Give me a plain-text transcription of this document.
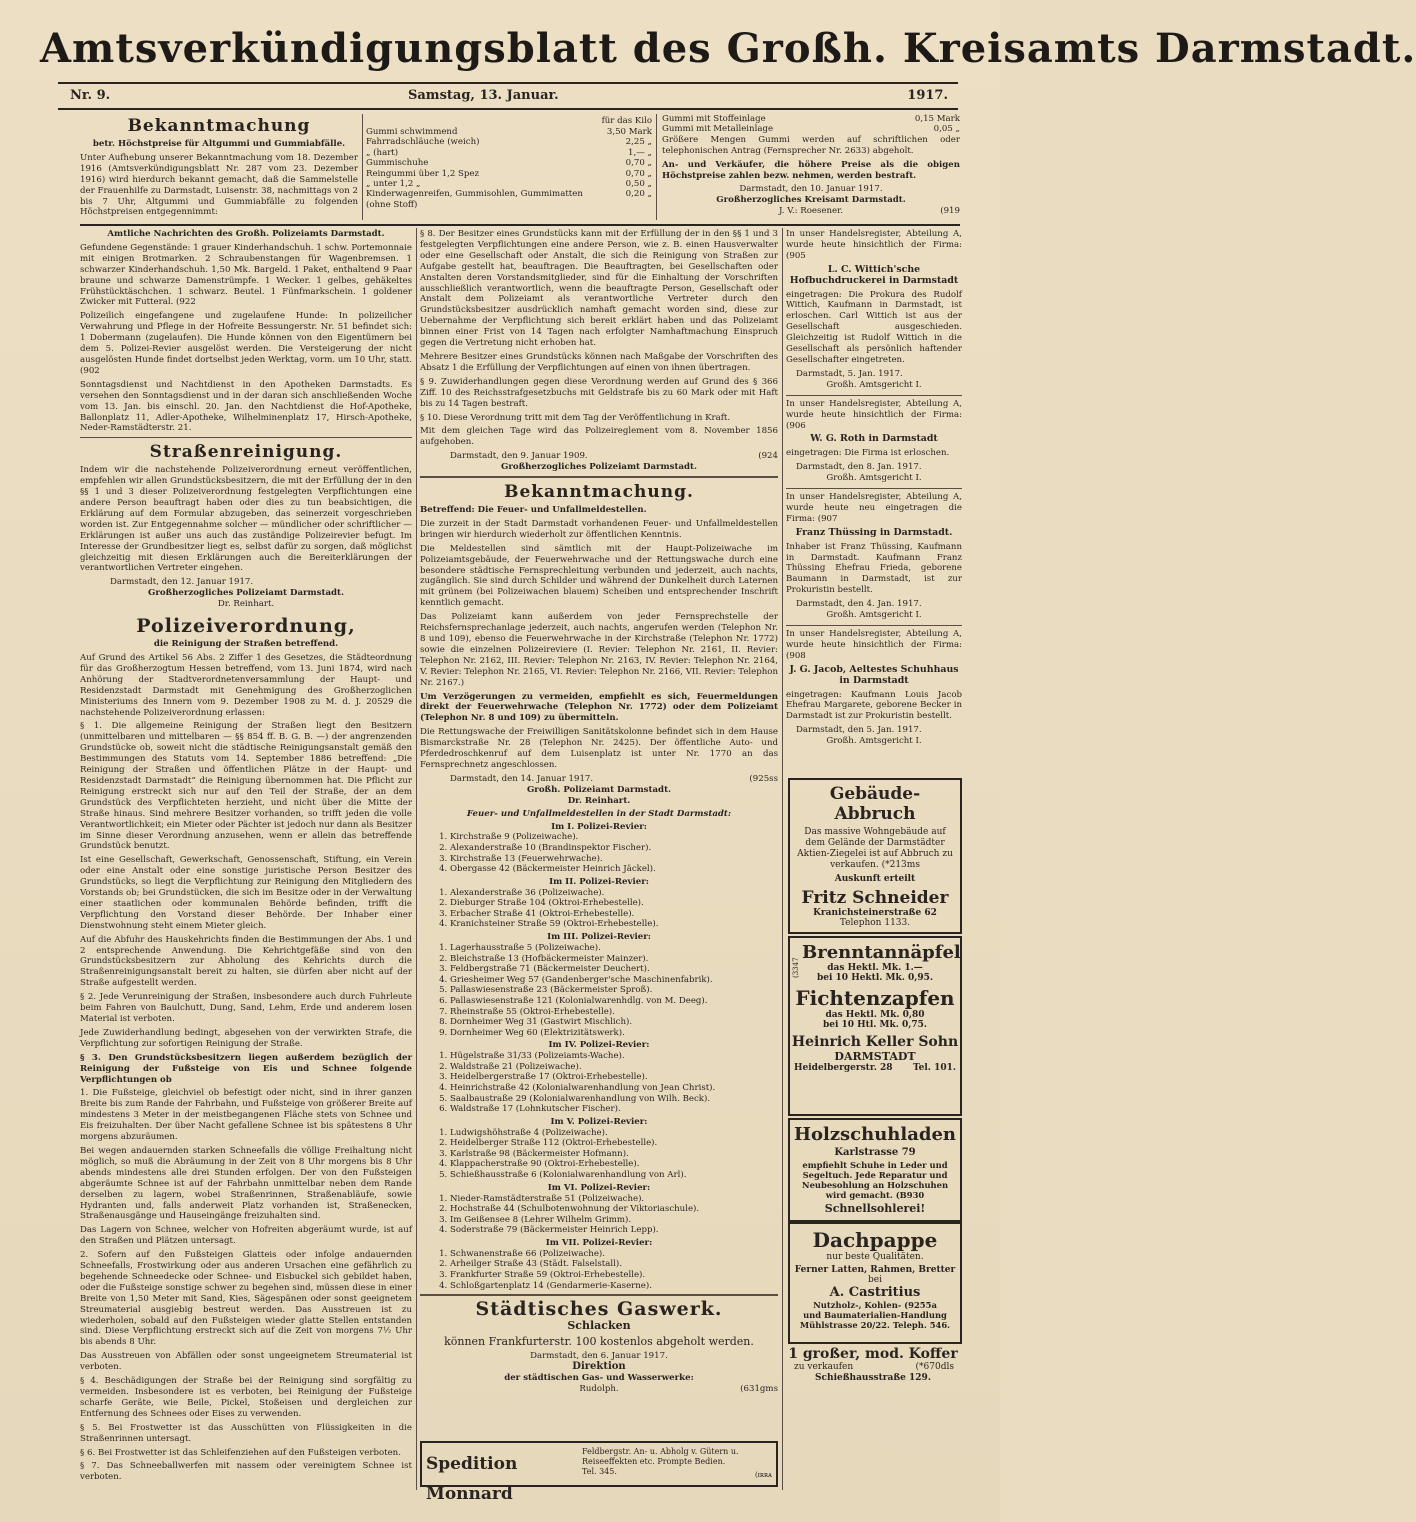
Amtsverkündigungsblatt des Großh. Kreisamts Darmstadt.
Nr. 9.	Samstag, 13. Januar.	1917.
Bekanntmachung
betr. Höchstpreise für Altgummi und Gummiabfälle.

Unter Aufhebung unserer Bekanntmachung vom 18. Dezember 1916 (Amtsverkündigungsblatt Nr. 287 vom 23. Dezember 1916) wird hierdurch bekannt gemacht, daß die Sammelstelle der Frauenhilfe zu Darmstadt, Luisenstr. 38, nachmittags von 2 bis 7 Uhr, Altgummi und Gummiabfälle zu folgenden Höchstpreisen entgegennimmt:

für das Kilo
Gummi schwimmend	3,50 Mark
Fahrradschläuche (weich)	2,25 „
„ (hart)	1,— „
Gummischuhe	0,70 „
Reingummi über 1,2 Spez	0,70 „
„ unter 1,2 „	0,50 „
Kinderwagenreifen, Gummisohlen, Gummimatten (ohne Stoff)	0,20 „
Gummi mit Stoffeinlage	0,15 Mark
Gummi mit Metalleinlage	0,05 „

Größere Mengen Gummi werden auf schriftlichen oder telephonischen Antrag (Fernsprecher Nr. 2633) abgeholt.

An- und Verkäufer, die höhere Preise als die obigen Höchstpreise zahlen bezw. nehmen, werden bestraft.

Darmstadt, den 10. Januar 1917.
Großherzogliches Kreisamt Darmstadt.
J. V.: Roesener.	(919
Amtliche Nachrichten des Großh. Polizeiamts Darmstadt.

Gefundene Gegenstände: 1 grauer Kinderhandschuh. 1 schw. Portemonnaie mit einigen Brotmarken. 2 Schraubenstangen für Wagenbremsen. 1 schwarzer Kinderhandschuh. 1,50 Mk. Bargeld. 1 Paket, enthaltend 9 Paar braune und schwarze Damenstrümpfe. 1 Wecker. 1 gelbes, gehäkeltes Frühstücktäschchen. 1 schwarz. Beutel. 1 Fünfmarkschein. 1 goldener Zwicker mit Futteral. (922

Polizeilich eingefangene und zugelaufene Hunde: In polizeilicher Verwahrung und Pflege in der Hofreite Bessungerstr. Nr. 51 befindet sich: 1 Dobermann (zugelaufen). Die Hunde können von den Eigentümern bei dem 5. Polizei-Revier ausgelöst werden. Die Versteigerung der nicht ausgelösten Hunde findet dortselbst jeden Werktag, vorm. um 10 Uhr, statt. (902

Sonntagsdienst und Nachtdienst in den Apotheken Darmstadts. Es versehen den Sonntagsdienst und in der daran sich anschließenden Woche vom 13. Jan. bis einschl. 20. Jan. den Nachtdienst die Hof-Apotheke, Ballonplatz 11, Adler-Apotheke, Wilhelminenplatz 17, Hirsch-Apotheke, Neder-Ramstädterstr. 21.

Straßenreinigung.

Indem wir die nachstehende Polizeiverordnung erneut veröffentlichen, empfehlen wir allen Grundstücksbesitzern, die mit der Erfüllung der in den §§ 1 und 3 dieser Polizeiverordnung festgelegten Verpflichtungen eine andere Person beauftragt haben oder dies zu tun beabsichtigen, die Erklärung auf dem Formular abzugeben, das seinerzeit vorgeschrieben worden ist. Zur Entgegennahme solcher — mündlicher oder schriftlicher — Erklärungen ist außer uns auch das zuständige Polizeirevier befugt. Im Interesse der Grundbesitzer liegt es, selbst dafür zu sorgen, daß möglichst gleichzeitig mit diesen Erklärungen auch die Bereiterklärungen der verantwortlichen Vertreter eingehen.

Darmstadt, den 12. Januar 1917.
Großherzogliches Polizeiamt Darmstadt.
Dr. Reinhart.
Polizeiverordnung,
die Reinigung der Straßen betreffend.

Auf Grund des Artikel 56 Abs. 2 Ziffer 1 des Gesetzes, die Städteordnung für das Großherzogtum Hessen betreffend, vom 13. Juni 1874, wird nach Anhörung der Stadtverordnetenversammlung der Haupt- und Residenzstadt Darmstadt mit Genehmigung des Großherzoglichen Ministeriums des Innern vom 9. Dezember 1908 zu M. d. J. 20529 die nachstehende Polizeiverordnung erlassen:

§ 1. Die allgemeine Reinigung der Straßen liegt den Besitzern (unmittelbaren und mittelbaren — §§ 854 ff. B. G. B. —) der angrenzenden Grundstücke ob, soweit nicht die städtische Reinigungsanstalt gemäß den Bestimmungen des Statuts vom 14. September 1886 betreffend: „Die Reinigung der Straßen und öffentlichen Plätze in der Haupt- und Residenzstadt Darmstadt“ die Reinigung übernommen hat. Die Pflicht zur Reinigung erstreckt sich nur auf den Teil der Straße, der an dem Grundstück des Verpflichteten herzieht, und nicht über die Mitte der Straße hinaus. Sind mehrere Besitzer vorhanden, so trifft jeden die volle Verantwortlichkeit; ein Mieter oder Pächter ist jedoch nur dann als Besitzer im Sinne dieser Verordnung anzusehen, wenn er allein das betreffende Grundstück benutzt.

Ist eine Gesellschaft, Gewerkschaft, Genossenschaft, Stiftung, ein Verein oder eine Anstalt oder eine sonstige juristische Person Besitzer des Grundstücks, so liegt die Verpflichtung zur Reinigung den Mitgliedern des Vorstands ob; bei Grundstücken, die sich im Besitze oder in der Verwaltung einer staatlichen oder kommunalen Behörde befinden, trifft die Verpflichtung den Vorstand dieser Behörde. Der Inhaber einer Dienstwohnung steht einem Mieter gleich.

Auf die Abfuhr des Hauskehrichts finden die Bestimmungen der Abs. 1 und 2 entsprechende Anwendung. Die Kehrichtgefäße sind von den Grundstücksbesitzern zur Abholung des Kehrichts durch die Straßenreinigungsanstalt bereit zu halten, sie dürfen aber nicht auf der Straße aufgestellt werden.

§ 2. Jede Verunreinigung der Straßen, insbesondere auch durch Fuhrleute beim Fahren von Baulchutt, Dung, Sand, Lehm, Erde und anderem losen Material ist verboten.

Jede Zuwiderhandlung bedingt, abgesehen von der verwirkten Strafe, die Verpflichtung zur sofortigen Reinigung der Straße.

§ 3. Den Grundstücksbesitzern liegen außerdem bezüglich der Reinigung der Fußsteige von Eis und Schnee folgende Verpflichtungen ob

1. Die Fußsteige, gleichviel ob befestigt oder nicht, sind in ihrer ganzen Breite bis zum Rande der Fahrbahn, und Fußsteige von größerer Breite auf mindestens 3 Meter in der meistbegangenen Fläche stets von Schnee und Eis freizuhalten. Der über Nacht gefallene Schnee ist bis spätestens 8 Uhr morgens abzuräumen.

Bei wegen andauernden starken Schneefalls die völlige Freihaltung nicht möglich, so muß die Abräumung in der Zeit von 8 Uhr morgens bis 8 Uhr abends mindestens alle drei Stunden erfolgen. Der von den Fußsteigen abgeräumte Schnee ist auf der Fahrbahn unmittelbar neben dem Rande derselben zu lagern, wobei Straßenrinnen, Straßenabläufe, sowie Hydranten und, falls anderweit Platz vorhanden ist, Straßenecken, Straßenausgänge und Hauseingänge freizuhalten sind.

Das Lagern von Schnee, welcher von Hofreiten abgeräumt wurde, ist auf den Straßen und Plätzen untersagt.

2. Sofern auf den Fußsteigen Glatteis oder infolge andauernden Schneefalls, Frostwirkung oder aus anderen Ursachen eine gefährlich zu begehende Schneedecke oder Schnee- und Eisbuckel sich gebildet haben, oder die Fußsteige sonstige schwer zu begehen sind, müssen diese in einer Breite von 1,50 Meter mit Sand, Kies, Sägespänen oder sonst geeignetem Streumaterial ausgiebig bestreut werden. Das Ausstreuen ist zu wiederholen, sobald auf den Fußsteigen wieder glatte Stellen entstanden sind. Diese Verpflichtung erstreckt sich auf die Zeit von morgens 7½ Uhr bis abends 8 Uhr.

Das Ausstreuen von Abfällen oder sonst ungeeignetem Streumaterial ist verboten.

§ 4. Beschädigungen der Straße bei der Reinigung sind sorgfältig zu vermeiden. Insbesondere ist es verboten, bei Reinigung der Fußsteige scharfe Geräte, wie Beile, Pickel, Stoßeisen und dergleichen zur Entfernung des Schnees oder Eises zu verwenden.

§ 5. Bei Frostwetter ist das Ausschütten von Flüssigkeiten in die Straßenrinnen untersagt.

§ 6. Bei Frostwetter ist das Schleifenziehen auf den Fußsteigen verboten.

§ 7. Das Schneeballwerfen mit nassem oder vereinigtem Schnee ist verboten.

§ 8. Der Besitzer eines Grundstücks kann mit der Erfüllung der in den §§ 1 und 3 festgelegten Verpflichtungen eine andere Person, wie z. B. einen Hausverwalter oder eine Gesellschaft oder Anstalt, die sich die Reinigung von Straßen zur Aufgabe gestellt hat, beauftragen. Die Beauftragten, bei Gesellschaften oder Anstalten deren Vorstandsmitglieder, sind für die Einhaltung der Vorschriften ausschließlich verantwortlich, wenn die beauftragte Person, Gesellschaft oder Anstalt dem Polizeiamt als verantwortliche Vertreter durch den Grundstücksbesitzer ausdrücklich namhaft gemacht worden sind, diese zur Uebernahme der Verpflichtung sich bereit erklärt haben und das Polizeiamt binnen einer Frist von 14 Tagen nach erfolgter Namhaftmachung Einspruch gegen die Vertretung nicht erhoben hat.

Mehrere Besitzer eines Grundstücks können nach Maßgabe der Vorschriften des Absatz 1 die Erfüllung der Verpflichtungen auf einen von ihnen übertragen.

§ 9. Zuwiderhandlungen gegen diese Verordnung werden auf Grund des § 366 Ziff. 10 des Reichsstrafgesetzbuchs mit Geldstrafe bis zu 60 Mark oder mit Haft bis zu 14 Tagen bestraft.

§ 10. Diese Verordnung tritt mit dem Tag der Veröffentlichung in Kraft.

Mit dem gleichen Tage wird das Polizeireglement vom 8. November 1856 aufgehoben.

Darmstadt, den 9. Januar 1909.	(924
Großherzogliches Polizeiamt Darmstadt.
Bekanntmachung.
Betreffend: Die Feuer- und Unfallmeldestellen.

Die zurzeit in der Stadt Darmstadt vorhandenen Feuer- und Unfallmeldestellen bringen wir hierdurch wiederholt zur öffentlichen Kenntnis.

Die Meldestellen sind sämtlich mit der Haupt-Polizeiwache im Polizeiamtsgebäude, der Feuerwehrwache und der Rettungswache durch eine besondere städtische Fernsprechleitung verbunden und jederzeit, auch nachts, zugänglich. Sie sind durch Schilder und während der Dunkelheit durch Laternen mit grünem (bei Polizeiwachen blauem) Scheiben und entsprechender Inschrift kenntlich gemacht.

Das Polizeiamt kann außerdem von jeder Fernsprechstelle der Reichsfernsprechanlage jederzeit, auch nachts, angerufen werden (Telephon Nr. 8 und 109), ebenso die Feuerwehrwache in der Kirchstraße (Telephon Nr. 1772) sowie die einzelnen Polizeireviere (I. Revier: Telephon Nr. 2161, II. Revier: Telephon Nr. 2162, III. Revier: Telephon Nr. 2163, IV. Revier: Telephon Nr. 2164, V. Revier: Telephon Nr. 2165, VI. Revier: Telephon Nr. 2166, VII. Revier: Telephon Nr. 2167.)

Um Verzögerungen zu vermeiden, empfiehlt es sich, Feuermeldungen direkt der Feuerwehrwache (Telephon Nr. 1772) oder dem Polizeiamt (Telephon Nr. 8 und 109) zu übermitteln.

Die Rettungswache der Freiwilligen Sanitätskolonne befindet sich in dem Hause Bismarckstraße Nr. 28 (Telephon Nr. 2425). Der öffentliche Auto- und Pferdedroschkenruf auf dem Luisenplatz ist unter Nr. 1770 an das Fernsprechnetz angeschlossen.

Darmstadt, den 14. Januar 1917.	(925ss
Großh. Polizeiamt Darmstadt.
Dr. Reinhart.
Feuer- und Unfallmeldestellen in der Stadt Darmstadt:
Im I. Polizei-Revier:
1. Kirchstraße 9 (Polizeiwache).
2. Alexanderstraße 10 (Brandinspektor Fischer).
3. Kirchstraße 13 (Feuerwehrwache).
4. Obergasse 42 (Bäckermeister Heinrich Jäckel).
Im II. Polizei-Revier:
1. Alexanderstraße 36 (Polizeiwache).
2. Dieburger Straße 104 (Oktroi-Erhebestelle).
3. Erbacher Straße 41 (Oktroi-Erhebestelle).
4. Kranichsteiner Straße 59 (Oktroi-Erhebestelle).
Im III. Polizei-Revier:
1. Lagerhausstraße 5 (Polizeiwache).
2. Bleichstraße 13 (Hofbäckermeister Mainzer).
3. Feldbergstraße 71 (Bäckermeister Deuchert).
4. Griesheimer Weg 57 (Gandenberger'sche Maschinenfabrik).
5. Pallaswiesenstraße 23 (Bäckermeister Sproß).
6. Pallaswiesenstraße 121 (Kolonialwarenhdlg. von M. Deeg).
7. Rheinstraße 55 (Oktroi-Erhebestelle).
8. Dornheimer Weg 31 (Gastwirt Mischlich).
9. Dornheimer Weg 60 (Elektrizitätswerk).
Im IV. Polizei-Revier:
1. Hügelstraße 31/33 (Polizeiamts-Wache).
2. Waldstraße 21 (Polizeiwache).
3. Heidelbergerstraße 17 (Oktroi-Erhebestelle).
4. Heinrichstraße 42 (Kolonialwarenhandlung von Jean Christ).
5. Saalbaustraße 29 (Kolonialwarenhandlung von Wilh. Beck).
6. Waldstraße 17 (Lohnkutscher Fischer).
Im V. Polizei-Revier:
1. Ludwigshöhstraße 4 (Polizeiwache).
2. Heidelberger Straße 112 (Oktroi-Erhebestelle).
3. Karlstraße 98 (Bäckermeister Hofmann).
4. Klappacherstraße 90 (Oktroi-Erhebestelle).
5. Schießhausstraße 6 (Kolonialwarenhandlung von Arl).
Im VI. Polizei-Revier:
1. Nieder-Ramstädterstraße 51 (Polizeiwache).
2. Hochstraße 44 (Schulbotenwohnung der Viktoriaschule).
3. Im Geißensee 8 (Lehrer Wilhelm Grimm).
4. Soderstraße 79 (Bäckermeister Heinrich Lepp).
Im VII. Polizei-Revier:
1. Schwanenstraße 66 (Polizeiwache).
2. Arheilger Straße 43 (Städt. Falselstall).
3. Frankfurter Straße 59 (Oktroi-Erhebestelle).
4. Schloßgartenplatz 14 (Gendarmerie-Kaserne).
Städtisches Gaswerk.
Schlacken
können Frankfurterstr. 100 kostenlos abgeholt werden.
Darmstadt, den 6. Januar 1917.
Direktion
der städtischen Gas- und Wasserwerke:
Rudolph.	(631gms
Spedition Monnard
Feldbergstr. An- u. Abholg v. Gütern u. Reiseeffekten etc. Prompte Bedien. Tel. 345.	(ɪʀʀᴀ

In unser Handelsregister, Abteilung A, wurde heute hinsichtlich der Firma: (905

L. C. Wittich'sche Hofbuchdruckerei in Darmstadt

eingetragen: Die Prokura des Rudolf Wittich, Kaufmann in Darmstadt, ist erloschen. Carl Wittich ist aus der Gesellschaft ausgeschieden. Gleichzeitig ist Rudolf Wittich in die Gesellschaft als persönlich haftender Gesellschafter eingetreten.

Darmstadt, 5. Jan. 1917.

Großh. Amtsgericht I.

In unser Handelsregister, Abteilung A, wurde heute hinsichtlich der Firma: (906

W. G. Roth in Darmstadt

eingetragen: Die Firma ist erloschen.

Darmstadt, den 8. Jan. 1917.

Großh. Amtsgericht I.

In unser Handelsregister, Abteilung A, wurde heute neu eingetragen die Firma: (907

Franz Thüssing in Darmstadt.

Inhaber ist Franz Thüssing, Kaufmann in Darmstadt. Kaufmann Franz Thüssing Ehefrau Frieda, geborene Baumann in Darmstadt, ist zur Prokuristin bestellt.

Darmstadt, den 4. Jan. 1917.

Großh. Amtsgericht I.

In unser Handelsregister, Abteilung A, wurde heute hinsichtlich der Firma: (908

J. G. Jacob, Aeltestes Schuhhaus in Darmstadt

eingetragen: Kaufmann Louis Jacob Ehefrau Margarete, geborene Becker in Darmstadt ist zur Prokuristin bestellt.

Darmstadt, den 5. Jan. 1917.

Großh. Amtsgericht I.

Gebäude-Abbruch
Das massive Wohngebäude auf dem Gelände der Darmstädter Aktien-Ziegelei ist auf Abbruch zu verkaufen. (*213ms
Auskunft erteilt
Fritz Schneider
Kranichsteinerstraße 62
Telephon 1133.
(3347
Brenntannäpfel
das Hektl. Mk. 1.—
bei 10 Hektl. Mk. 0,95.
Fichtenzapfen
das Hektl. Mk. 0,80
bei 10 Htl. Mk. 0,75.
Heinrich Keller Sohn
DARMSTADT
Heidelbergerstr. 28 Tel. 101.
Holzschuhladen
Karlstrasse 79
empfiehlt Schuhe in Leder und Segeltuch. Jede Reparatur und Neubesohlung an Holzschuhen wird gemacht. (B930
Schnellsohlerei!
Dachpappe
nur beste Qualitäten.
Ferner Latten, Rahmen, Bretter
bei
A. Castritius
Nutzholz-, Kohlen- (9255a
und Baumaterialien-Handlung
Mühlstrasse 20/22. Teleph. 546.
1 großer, mod. Koffer
zu verkaufen	(*670dls
Schießhausstraße 129.
